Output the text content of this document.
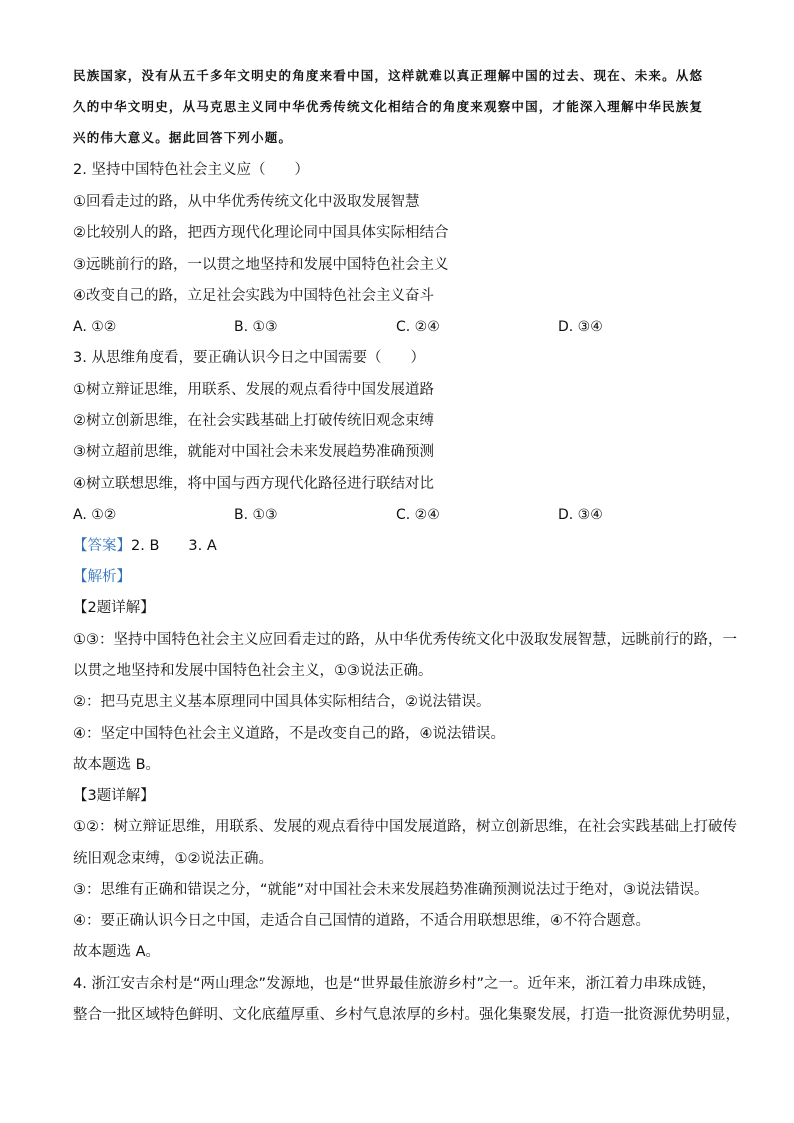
民族国家，没有从五千多年文明史的角度来看中国，这样就难以真正理解中国的过去、现在、未来。从悠
久的中华文明史，从马克思主义同中华优秀传统文化相结合的角度来观察中国，才能深入理解中华民族复
兴的伟大意义。据此回答下列小题。
2. 坚持中国特色社会主义应（　　）
①回看走过的路，从中华优秀传统文化中汲取发展智慧
②比较别人的路，把西方现代化理论同中国具体实际相结合
③远眺前行的路，一以贯之地坚持和发展中国特色社会主义
④改变自己的路，立足社会实践为中国特色社会主义奋斗
A. ①②	B. ①③	C. ②④	D. ③④
3. 从思维角度看，要正确认识今日之中国需要（　　）
①树立辩证思维，用联系、发展的观点看待中国发展道路
②树立创新思维，在社会实践基础上打破传统旧观念束缚
③树立超前思维，就能对中国社会未来发展趋势准确预测
④树立联想思维，将中国与西方现代化路径进行联结对比
A. ①②	B. ①③	C. ②④	D. ③④
【答案】2. B　　3. A
【解析】
【2题详解】
①③：坚持中国特色社会主义应回看走过的路，从中华优秀传统文化中汲取发展智慧，远眺前行的路，一
以贯之地坚持和发展中国特色社会主义，①③说法正确。
②：把马克思主义基本原理同中国具体实际相结合，②说法错误。
④：坚定中国特色社会主义道路，不是改变自己的路，④说法错误。
故本题选 B。
【3题详解】
①②：树立辩证思维，用联系、发展的观点看待中国发展道路，树立创新思维，在社会实践基础上打破传
统旧观念束缚，①②说法正确。
③：思维有正确和错误之分，“就能”对中国社会未来发展趋势准确预测说法过于绝对，③说法错误。
④：要正确认识今日之中国，走适合自己国情的道路，不适合用联想思维，④不符合题意。
故本题选 A。
4. 浙江安吉余村是“两山理念”发源地，也是“世界最佳旅游乡村”之一。近年来，浙江着力串珠成链，
整合一批区域特色鲜明、文化底蕴厚重、乡村气息浓厚的乡村。强化集聚发展，打造一批资源优势明显，
